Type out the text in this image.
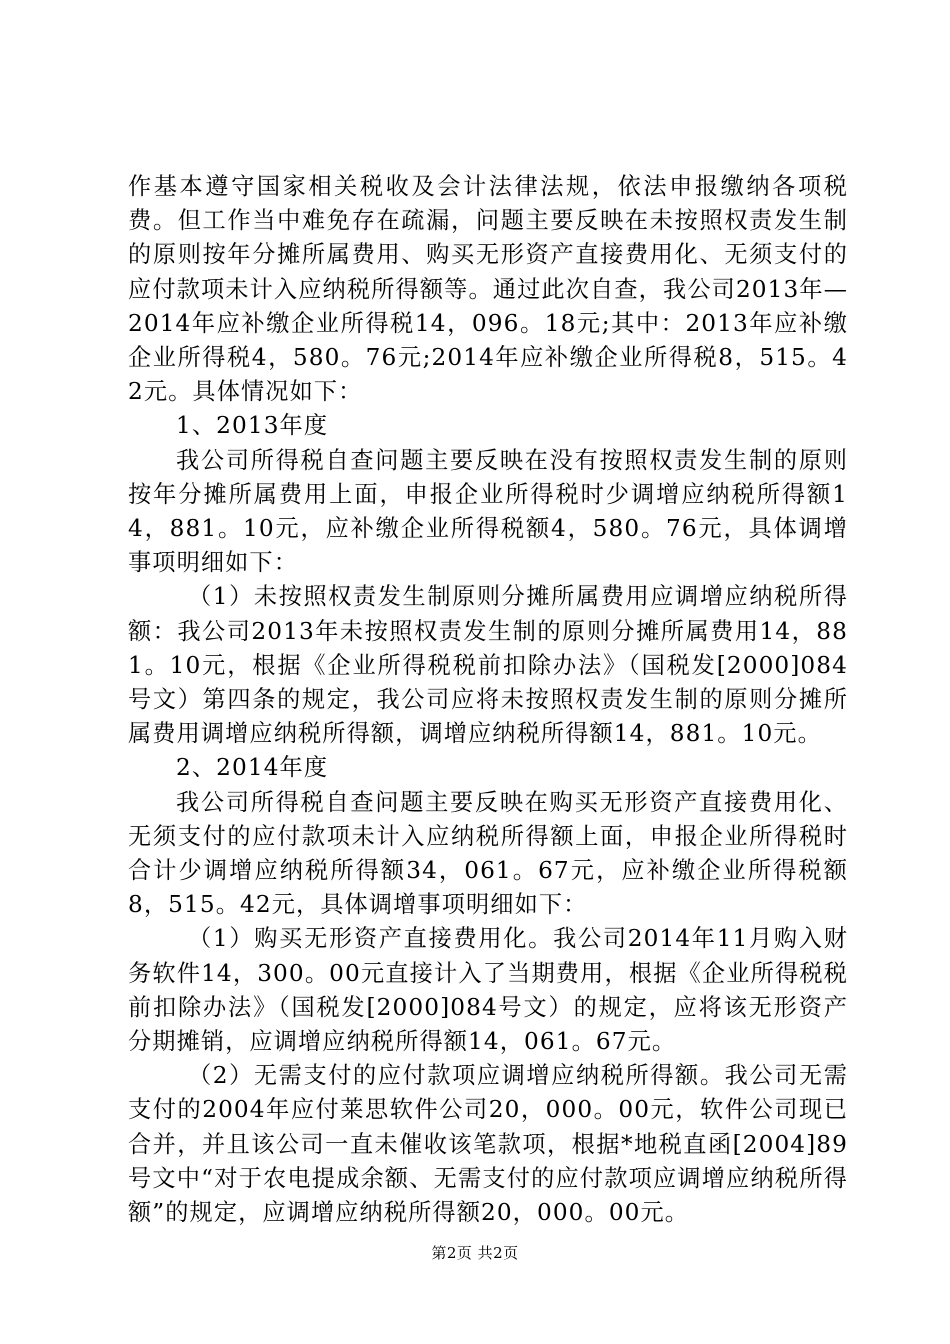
作基本遵守国家相关税收及会计法律法规，依法申报缴纳各项税费。但工作当中难免存在疏漏，问题主要反映在未按照权责发生制的原则按年分摊所属费用、购买无形资产直接费用化、无须支付的应付款项未计入应纳税所得额等。通过此次自查，我公司2013年—2014年应补缴企业所得税14，096。18元;其中：2013年应补缴企业所得税4，580。76元;2014年应补缴企业所得税8，515。42元。具体情况如下：

1、2013年度

我公司所得税自查问题主要反映在没有按照权责发生制的原则按年分摊所属费用上面，申报企业所得税时少调增应纳税所得额14，881。10元，应补缴企业所得税额4，580。76元，具体调增事项明细如下：

（1）未按照权责发生制原则分摊所属费用应调增应纳税所得额：我公司2013年未按照权责发生制的原则分摊所属费用14，881。10元，根据《企业所得税税前扣除办法》（国税发[2000]084号文）第四条的规定，我公司应将未按照权责发生制的原则分摊所属费用调增应纳税所得额，调增应纳税所得额14，881。10元。

2、2014年度

我公司所得税自查问题主要反映在购买无形资产直接费用化、无须支付的应付款项未计入应纳税所得额上面，申报企业所得税时合计少调增应纳税所得额34，061。67元，应补缴企业所得税额8，515。42元，具体调增事项明细如下：

（1）购买无形资产直接费用化。我公司2014年11月购入财务软件14，300。00元直接计入了当期费用，根据《企业所得税税前扣除办法》（国税发[2000]084号文）的规定，应将该无形资产分期摊销，应调增应纳税所得额14，061。67元。

（2）无需支付的应付款项应调增应纳税所得额。我公司无需支付的2004年应付莱思软件公司20，000。00元，软件公司现已合并，并且该公司一直未催收该笔款项，根据*地税直函[2004]89号文中“对于农电提成余额、无需支付的应付款项应调增应纳税所得额”的规定，应调增应纳税所得额20，000。00元。

第2页 共2页
